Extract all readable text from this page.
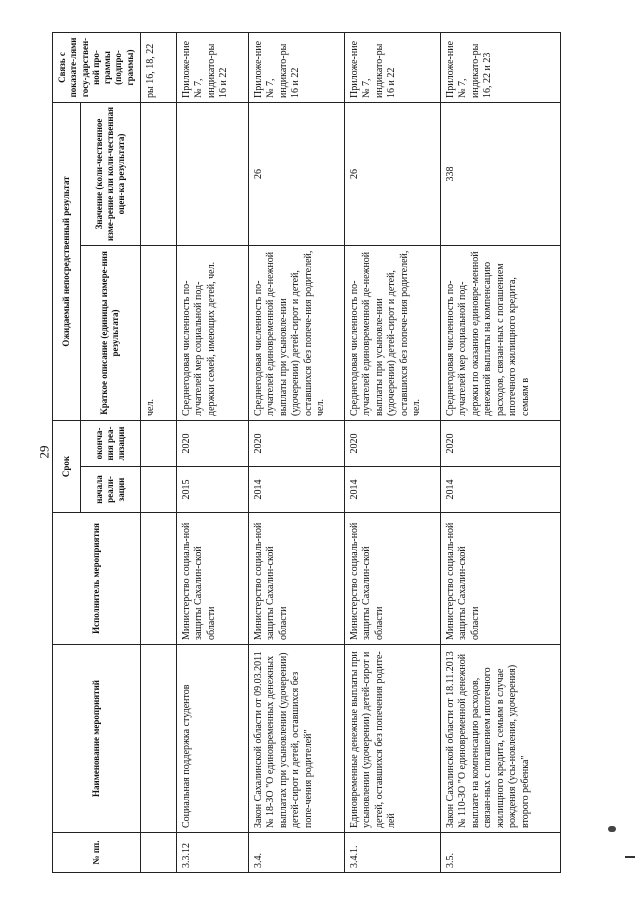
29
№ пп.	Наименование мероприятий	Исполнитель мероприятия	Срок		Ожидаемый непосредственный результат		Связь с показате-лями госу-дарствен-ной про-граммы (подпро-граммы)
			начала реали-зации	оконча-ния реа-лизации	Краткое описание (единицы измере-ния результата)	Значение (коли-чественное изме-рение или коли-чественная оцен-ка результата)	
					чел.		ры 16, 18, 22
3.3.12	Социальная поддержка студентов	Министерство социаль-ной защиты Сахалин-ской области	2015	2020	Среднегодовая численность по-лучателей мер социальной под-держки семей, имеющих детей, чел.		Приложе-ние № 7, индикато-ры 16 и 22
3.4.	Закон Сахалинской области от 09.03.2011 № 18-ЗО "О единовременных денежных выплатах при усыновлении (удочерении) детей-сирот и детей, оставшихся без попе-чения родителей"	Министерство социаль-ной защиты Сахалин-ской области	2014	2020	Среднегодовая численность по-лучателей единовременной де-нежной выплаты при усыновле-нии (удочерении) детей-сирот и детей, оставшихся без попече-ния родителей, чел.	26	Приложе-ние № 7, индикато-ры 16 и 22
3.4.1.	Единовременные денежные выплаты при усыновлении (удочерении) детей-сирот и детей, оставшихся без попечения родите-лей	Министерство социаль-ной защиты Сахалин-ской области	2014	2020	Среднегодовая численность по-лучателей единовременной де-нежной выплаты при усыновле-нии (удочерении) детей-сирот и детей, оставшихся без попече-ния родителей, чел.	26	Приложе-ние № 7, индикато-ры 16 и 22
3.5.	Закон Сахалинской области от 18.11.2013 № 110-ЗО "О единовременной денежной выплате на компенсацию расходов, связан-ных с погашением ипотечного жилищного кредита, семьям в случае рождения (усы-новления, удочерения) второго ребенка"	Министерство социаль-ной защиты Сахалин-ской области	2014	2020	Среднегодовая численность по-лучателей мер социальной под-держки по оказанию единовре-менной денежной выплаты на компенсацию расходов, связан-ных с погашением ипотечного жилищного кредита, семьям в	338	Приложе-ние № 7, индикато-ры 16, 22 и 23
